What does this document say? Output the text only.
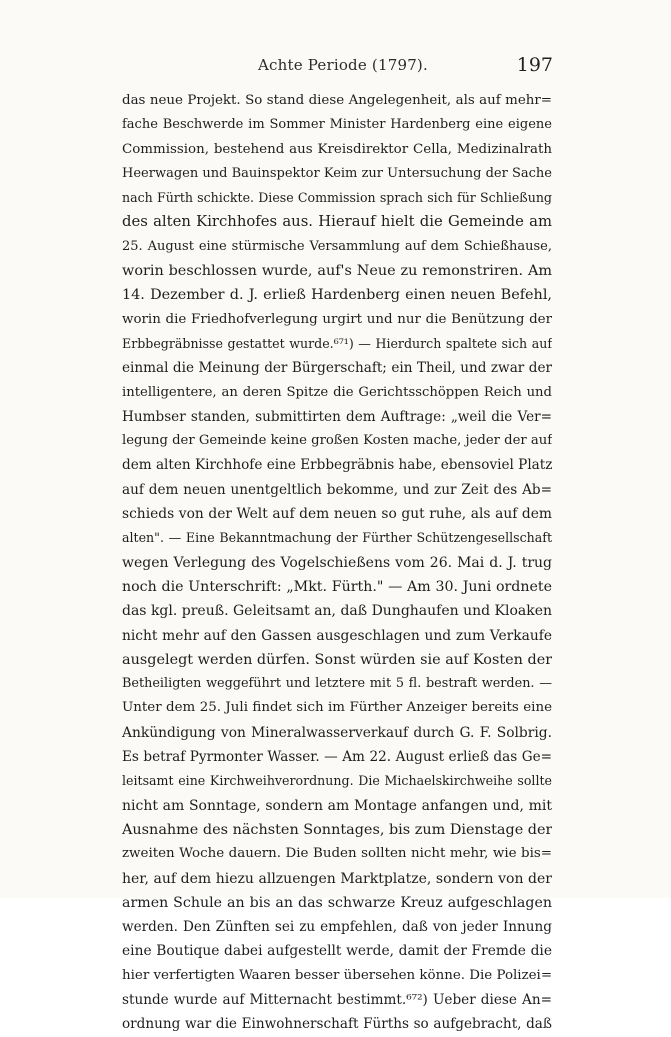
Achte Periode (1797).	197
das neue Projekt. So stand diese Angelegenheit, als auf mehr=
fache Beschwerde im Sommer Minister Hardenberg eine eigene
Commission, bestehend aus Kreisdirektor Cella, Medizinalrath
Heerwagen und Bauinspektor Keim zur Untersuchung der Sache
nach Fürth schickte. Diese Commission sprach sich für Schließung
des alten Kirchhofes aus. Hierauf hielt die Gemeinde am
25. August eine stürmische Versammlung auf dem Schießhause,
worin beschlossen wurde, auf's Neue zu remonstriren. Am
14. Dezember d. J. erließ Hardenberg einen neuen Befehl,
worin die Friedhofverlegung urgirt und nur die Benützung der
Erbbegräbnisse gestattet wurde.⁶⁷¹) — Hierdurch spaltete sich auf
einmal die Meinung der Bürgerschaft; ein Theil, und zwar der
intelligentere, an deren Spitze die Gerichtsschöppen Reich und
Humbser standen, submittirten dem Auftrage: „weil die Ver=
legung der Gemeinde keine großen Kosten mache, jeder der auf
dem alten Kirchhofe eine Erbbegräbnis habe, ebensoviel Platz
auf dem neuen unentgeltlich bekomme, und zur Zeit des Ab=
schieds von der Welt auf dem neuen so gut ruhe, als auf dem
alten". — Eine Bekanntmachung der Fürther Schützengesellschaft
wegen Verlegung des Vogelschießens vom 26. Mai d. J. trug
noch die Unterschrift: „Mkt. Fürth." — Am 30. Juni ordnete
das kgl. preuß. Geleitsamt an, daß Dunghaufen und Kloaken
nicht mehr auf den Gassen ausgeschlagen und zum Verkaufe
ausgelegt werden dürfen. Sonst würden sie auf Kosten der
Betheiligten weggeführt und letztere mit 5 fl. bestraft werden. —
Unter dem 25. Juli findet sich im Fürther Anzeiger bereits eine
Ankündigung von Mineralwasserverkauf durch G. F. Solbrig.
Es betraf Pyrmonter Wasser. — Am 22. August erließ das Ge=
leitsamt eine Kirchweihverordnung. Die Michaelskirchweihe sollte
nicht am Sonntage, sondern am Montage anfangen und, mit
Ausnahme des nächsten Sonntages, bis zum Dienstage der
zweiten Woche dauern. Die Buden sollten nicht mehr, wie bis=
her, auf dem hiezu allzuengen Marktplatze, sondern von der
armen Schule an bis an das schwarze Kreuz aufgeschlagen
werden. Den Zünften sei zu empfehlen, daß von jeder Innung
eine Boutique dabei aufgestellt werde, damit der Fremde die
hier verfertigten Waaren besser übersehen könne. Die Polizei=
stunde wurde auf Mitternacht bestimmt.⁶⁷²) Ueber diese An=
ordnung war die Einwohnerschaft Fürths so aufgebracht, daß
